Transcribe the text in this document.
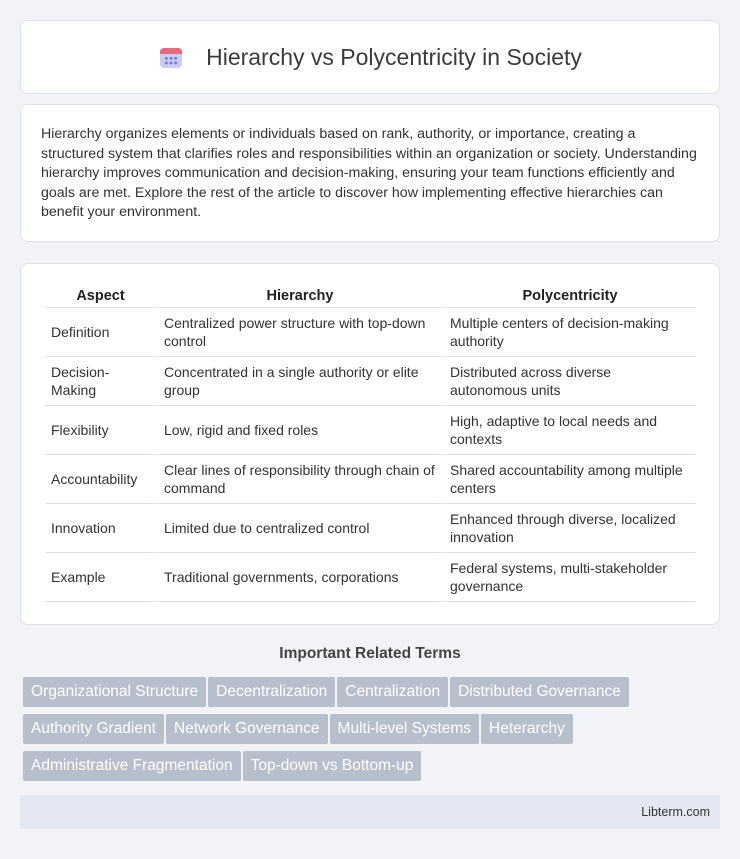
Hierarchy vs Polycentricity in Society

Hierarchy organizes elements or individuals based on rank, authority, or importance, creating a structured system that clarifies roles and responsibilities within an organization or society. Understanding hierarchy improves communication and decision-making, ensuring your team functions efficiently and goals are met. Explore the rest of the article to discover how implementing effective hierarchies can benefit your environment.

Aspect	Hierarchy	Polycentricity
Definition	Centralized power structure with top-down control	Multiple centers of decision-making authority
Decision-Making	Concentrated in a single authority or elite group	Distributed across diverse autonomous units
Flexibility	Low, rigid and fixed roles	High, adaptive to local needs and contexts
Accountability	Clear lines of responsibility through chain of command	Shared accountability among multiple centers
Innovation	Limited due to centralized control	Enhanced through diverse, localized innovation
Example	Traditional governments, corporations	Federal systems, multi-stakeholder governance
Important Related Terms
Organizational Structure Decentralization Centralization Distributed Governance
Authority Gradient Network Governance Multi-level Systems Heterarchy
Administrative Fragmentation Top-down vs Bottom-up
Libterm.com
